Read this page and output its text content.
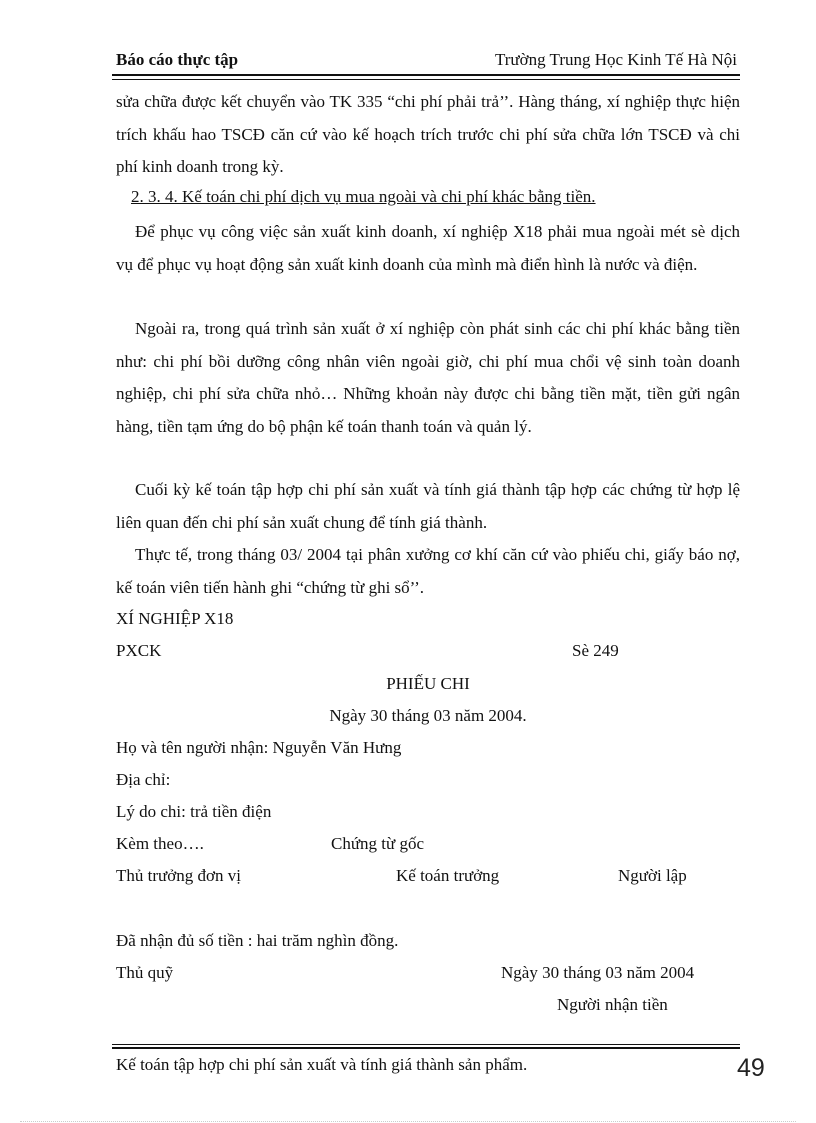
Báo cáo thực tập	Trường Trung Học Kinh Tế Hà Nội
sửa chữa được kết chuyển vào TK 335 “chi phí phải trả’’. Hàng tháng, xí nghiệp thực hiện trích khấu hao TSCĐ căn cứ vào kế hoạch trích trước chi phí sửa chữa lớn TSCĐ và chi phí kinh doanh trong kỳ.
2. 3. 4. Kế toán chi phí dịch vụ mua ngoài và chi phí khác bằng tiền.
Để phục vụ công việc sản xuất kinh doanh, xí nghiệp X18 phải mua ngoài mét sè dịch vụ để phục vụ hoạt động sản xuất kinh doanh của mình mà điển hình là nước và điện.
Ngoài ra, trong quá trình sản xuất ở xí nghiệp còn phát sinh các chi phí khác bằng tiền như: chi phí bồi dưỡng công nhân viên ngoài giờ, chi phí mua chổi vệ sinh toàn doanh nghiệp, chi phí sửa chữa nhỏ… Những khoản này được chi bằng tiền mặt, tiền gửi ngân hàng, tiền tạm ứng do bộ phận kế toán thanh toán và quản lý.
Cuối kỳ kế toán tập hợp chi phí sản xuất và tính giá thành tập hợp các chứng từ hợp lệ liên quan đến chi phí sản xuất chung để tính giá thành.
Thực tế, trong tháng 03/ 2004 tại phân xưởng cơ khí căn cứ vào phiếu chi, giấy báo nợ, kế toán viên tiến hành ghi “chứng từ ghi sổ’’.
XÍ NGHIỆP X18
PXCK	Sè 249
PHIẾU CHI
Ngày 30 tháng 03 năm 2004.
Họ và tên người nhận: Nguyễn Văn Hưng
Địa chỉ:
Lý do chi: trả tiền điện
Kèm theo….	Chứng từ gốc
Thủ trưởng đơn vị	Kế toán trưởng	Người lập
Đã nhận đủ số tiền : hai trăm nghìn đồng.
Thủ quỹ	Ngày 30 tháng 03 năm 2004
Người nhận tiền
Kế toán tập hợp chi phí sản xuất và tính giá thành sản phẩm.	49
